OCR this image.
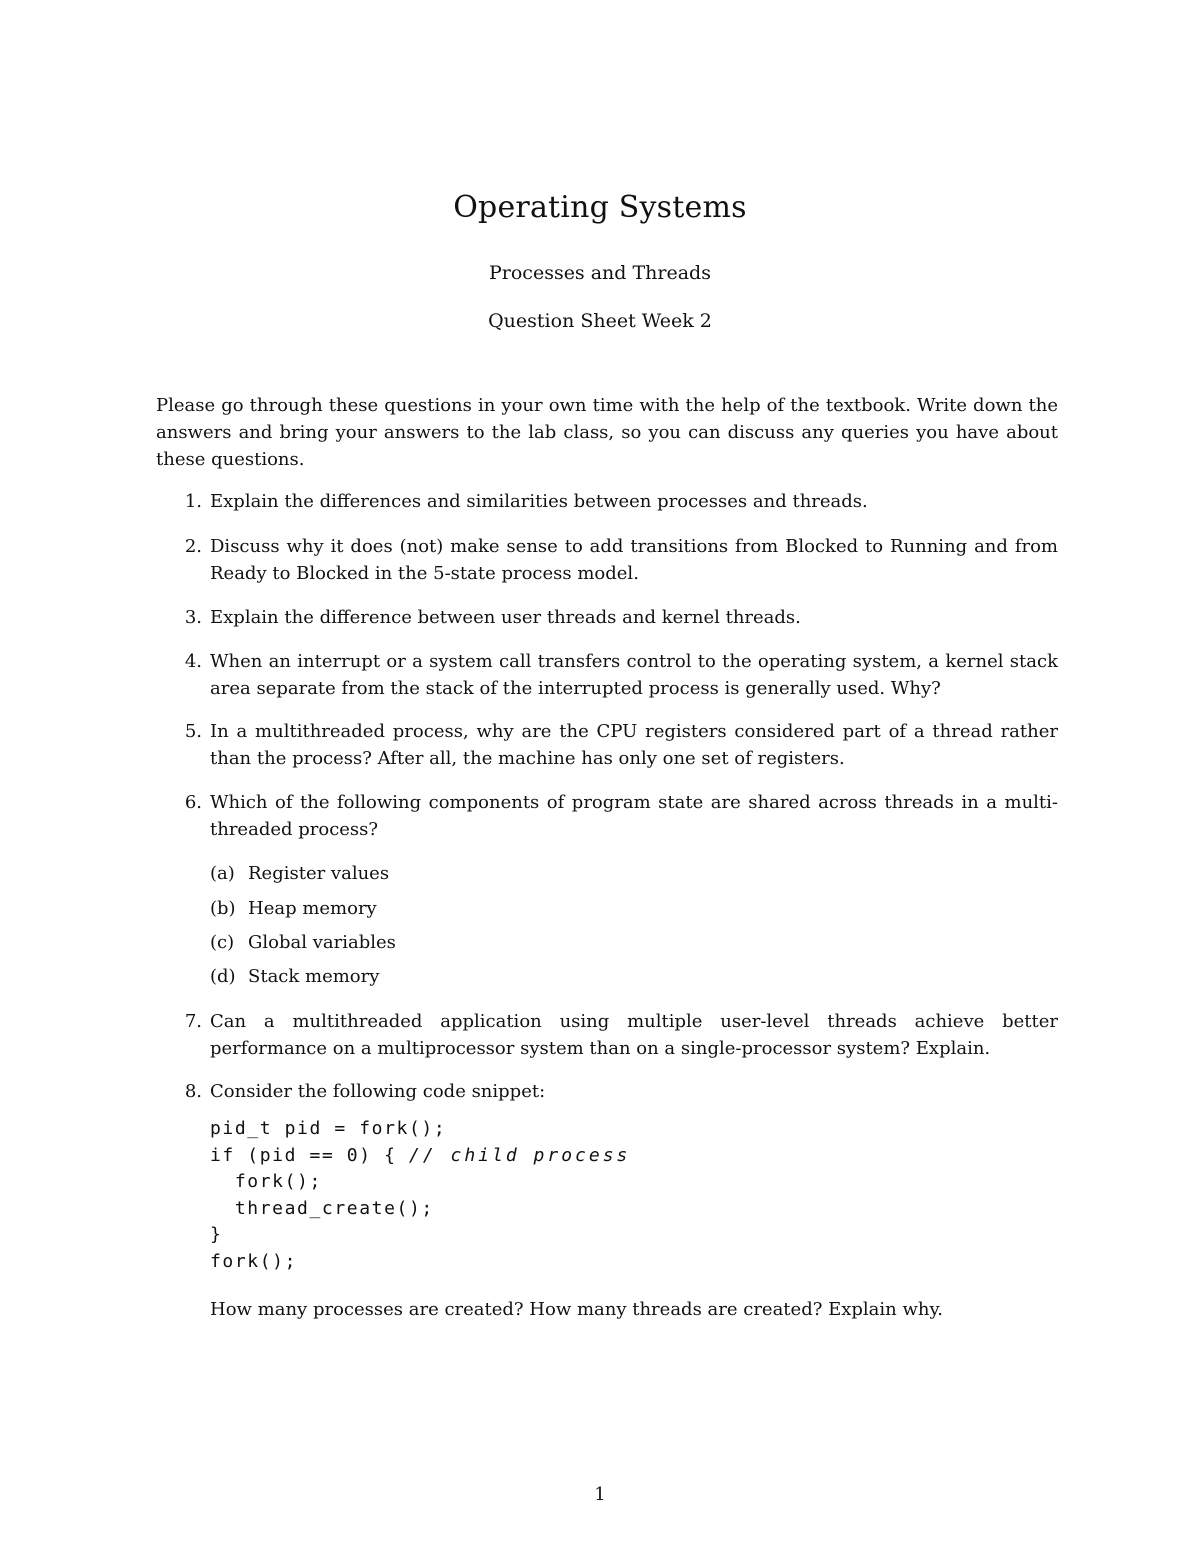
Operating Systems

Processes and Threads

Question Sheet Week 2

Please go through these questions in your own time with the help of the textbook. Write down the answers and bring your answers to the lab class, so you can discuss any queries you have about these questions.

1. Explain the differences and similarities between processes and threads.

2. Discuss why it does (not) make sense to add transitions from Blocked to Running and from Ready to Blocked in the 5-state process model.

3. Explain the difference between user threads and kernel threads.

4. When an interrupt or a system call transfers control to the operating system, a kernel stack area separate from the stack of the interrupted process is generally used. Why?

5. In a multithreaded process, why are the CPU registers considered part of a thread rather than the process? After all, the machine has only one set of registers.

6. Which of the following components of program state are shared across threads in a multi-threaded process?

(a) Register values
(b) Heap memory
(c) Global variables
(d) Stack memory
7. Can a multithreaded application using multiple user-level threads achieve better performance on a multiprocessor system than on a single-processor system? Explain.

8. Consider the following code snippet:

pid_t pid = fork();
if (pid == 0) { // child process
fork();
thread_create();
}
fork();
How many processes are created? How many threads are created? Explain why.
1
